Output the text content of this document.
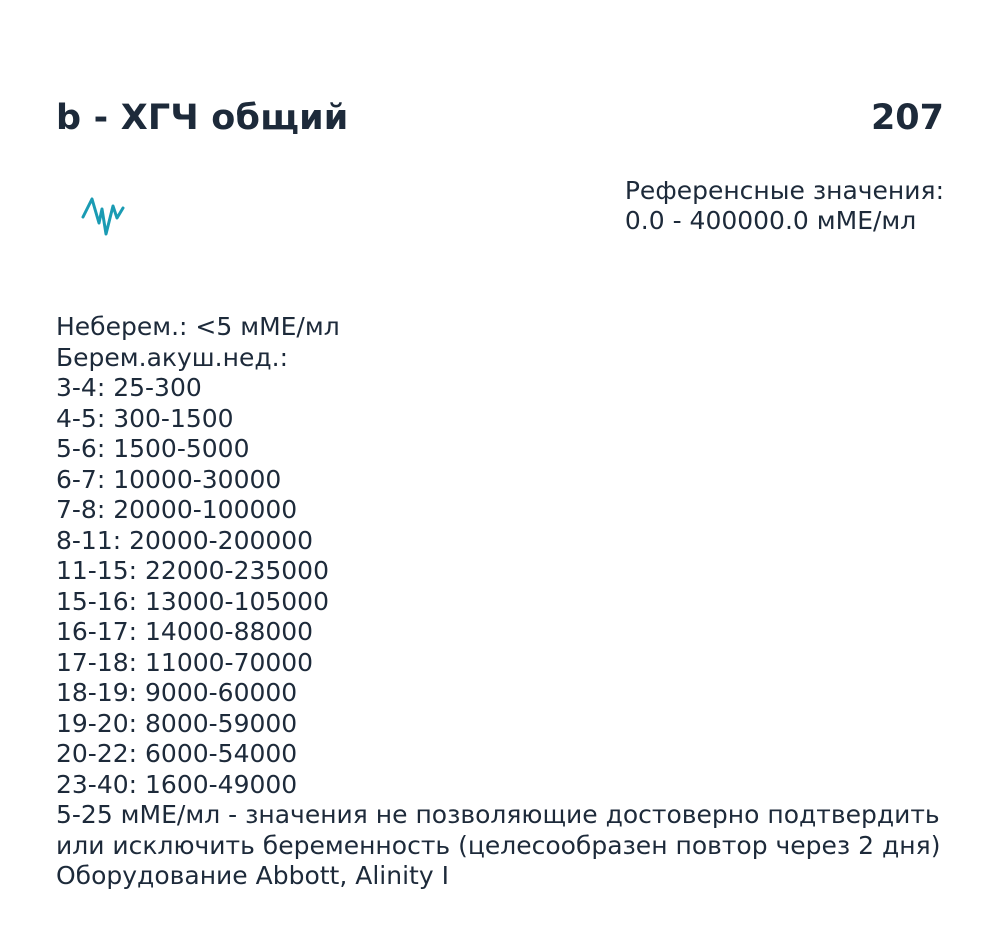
b - ХГЧ общий	207
Референсные значения:
0.0 - 400000.0 мМЕ/мл
Неберем.: <5 мМЕ/мл
Берем.акуш.нед.:
3-4: 25-300
4-5: 300-1500
5-6: 1500-5000
6-7: 10000-30000
7-8: 20000-100000
8-11: 20000-200000
11-15: 22000-235000
15-16: 13000-105000
16-17: 14000-88000
17-18: 11000-70000
18-19: 9000-60000
19-20: 8000-59000
20-22: 6000-54000
23-40: 1600-49000
5-25 мМЕ/мл - значения не позволяющие достоверно подтвердить или исключить беременность (целесообразен повтор через 2 дня)
Оборудование Abbott, Alinity I
